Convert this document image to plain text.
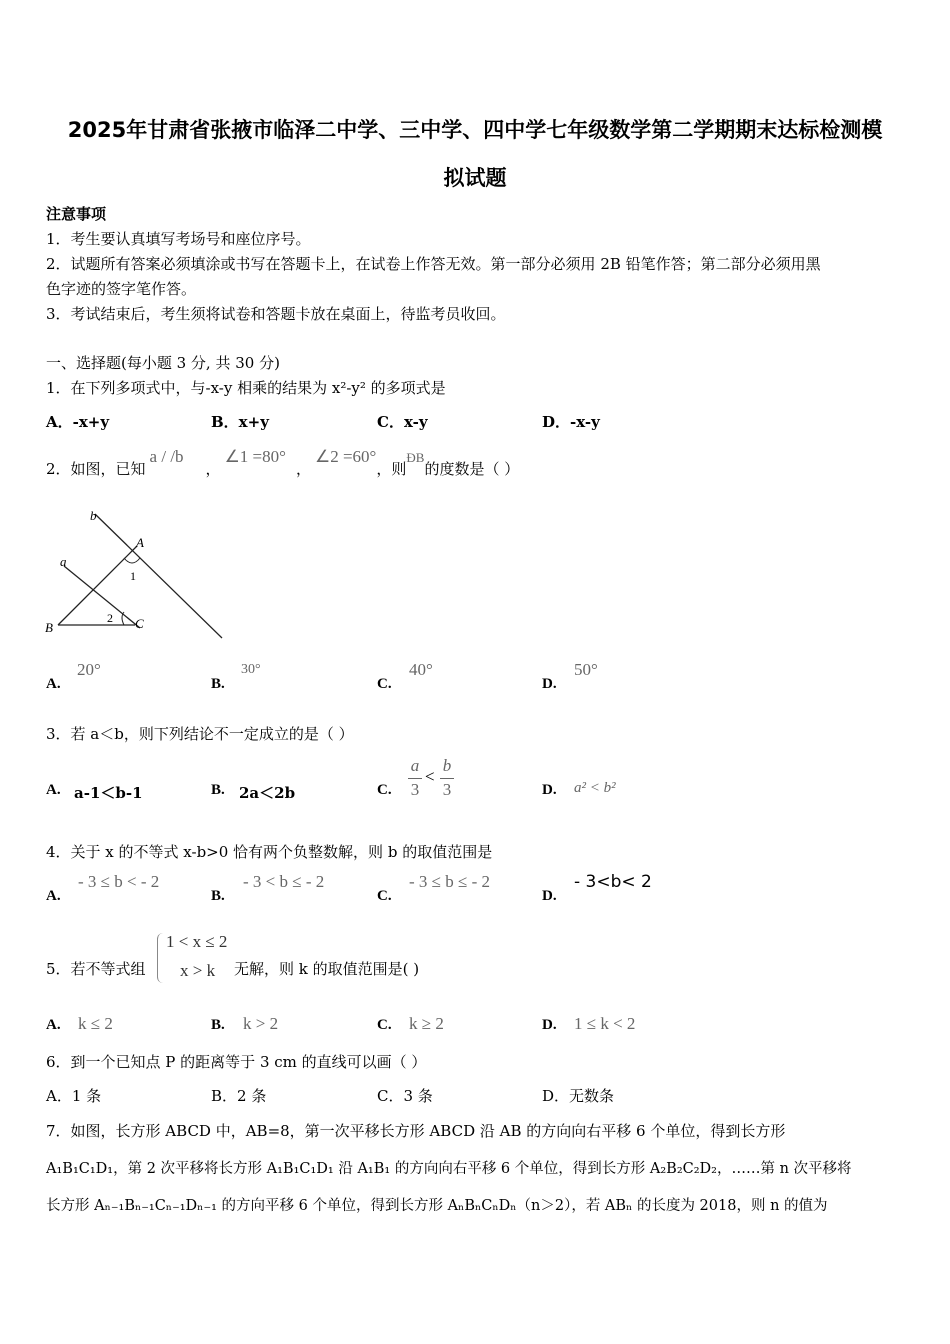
2025年甘肃省张掖市临泽二中学、三中学、四中学七年级数学第二学期期末达标检测模
拟试题
注意事项
1．考生要认真填写考场号和座位序号。
2．试题所有答案必须填涂或书写在答题卡上，在试卷上作答无效。第一部分必须用 2B 铅笔作答；第二部分必须用黑
色字迹的签字笔作答。
3．考试结束后，考生须将试卷和答题卡放在桌面上，待监考员收回。
一、选择题(每小题 3 分, 共 30 分)
1．在下列多项式中，与-x-y 相乘的结果为 x²-y² 的多项式是
A．-x+y	B．x+y	C．x-y	D．-x-y
2．如图，已知a / /b，∠1 =80°，∠2 =60°，则ÐB的度数是（ ）
b
A
1
a
B
2 C
A.
20°
B.
30°
C.
40°
D.
50°
3．若 a＜b，则下列结论不一定成立的是（ ）
A. a-1＜b-1	B. 2a＜2b	C.
a
3
<
b
3	D. a² < b²
4．关于 x 的不等式 x-b>0 恰有两个负整数解，则 b 的取值范围是
A.
- 3 ≤ b < - 2
B.
- 3 < b ≤ - 2
C.
- 3 ≤ b ≤ - 2
D.
- 3<b< 2
5．若不等式组
1 < x ≤ 2
x > k 无解，则 k 的取值范围是( )
A. k ≤ 2	B. k > 2	C. k ≥ 2	D. 1 ≤ k < 2
6．到一个已知点 P 的距离等于 3 cm 的直线可以画（ ）
A．1 条	B．2 条	C．3 条	D．无数条
7．如图，长方形 ABCD 中，AB=8，第一次平移长方形 ABCD 沿 AB 的方向向右平移 6 个单位，得到长方形
A₁B₁C₁D₁，第 2 次平移将长方形 A₁B₁C₁D₁ 沿 A₁B₁ 的方向向右平移 6 个单位，得到长方形 A₂B₂C₂D₂，……第 n 次平移将
长方形 Aₙ₋₁Bₙ₋₁Cₙ₋₁Dₙ₋₁ 的方向平移 6 个单位，得到长方形 AₙBₙCₙDₙ（n＞2），若 ABₙ 的长度为 2018，则 n 的值为
